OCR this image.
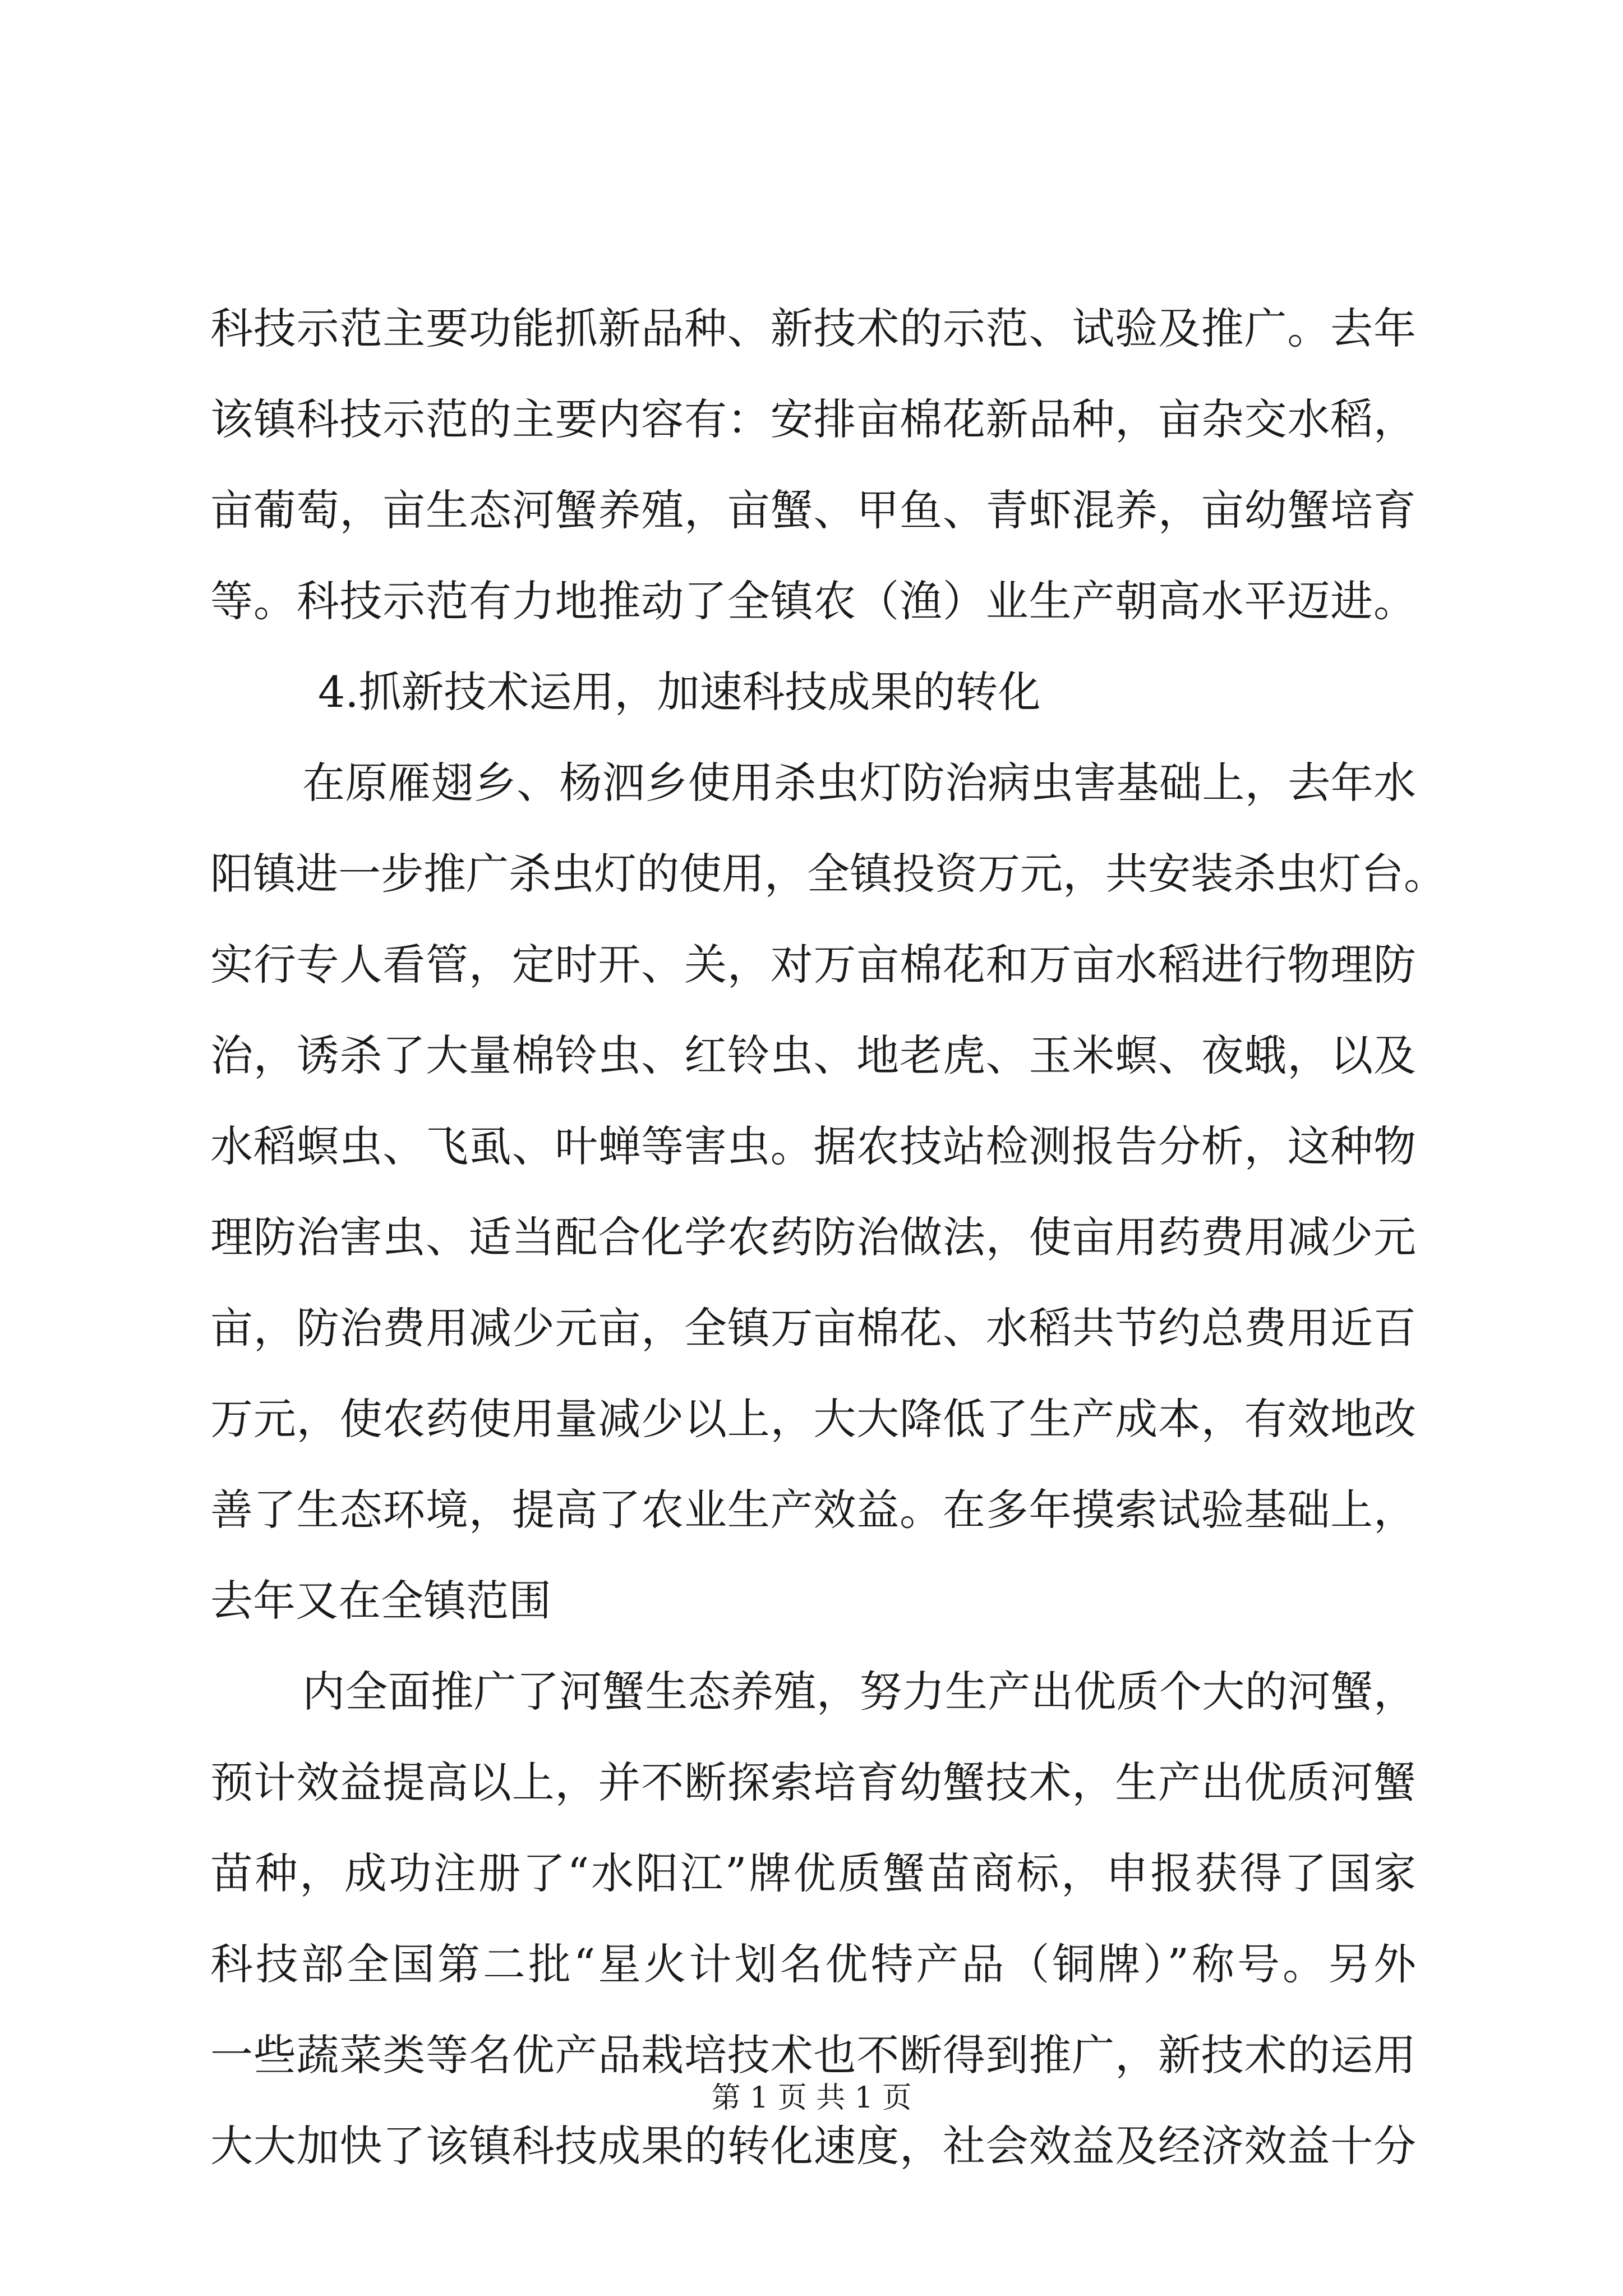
科技示范主要功能抓新品种、新技术的示范、试验及推广。去年
该镇科技示范的主要内容有：安排亩棉花新品种，亩杂交水稻，
亩葡萄，亩生态河蟹养殖，亩蟹、甲鱼、青虾混养，亩幼蟹培育
等。科技示范有力地推动了全镇农（渔）业生产朝高水平迈进。
4.抓新技术运用，加速科技成果的转化
在原雁翅乡、杨泗乡使用杀虫灯防治病虫害基础上，去年水
阳镇进一步推广杀虫灯的使用，全镇投资万元，共安装杀虫灯台。
实行专人看管，定时开、关，对万亩棉花和万亩水稻进行物理防
治，诱杀了大量棉铃虫、红铃虫、地老虎、玉米螟、夜蛾，以及
水稻螟虫、飞虱、叶蝉等害虫。据农技站检测报告分析，这种物
理防治害虫、适当配合化学农药防治做法，使亩用药费用减少元
亩，防治费用减少元亩，全镇万亩棉花、水稻共节约总费用近百
万元，使农药使用量减少以上，大大降低了生产成本，有效地改
善了生态环境，提高了农业生产效益。在多年摸索试验基础上，
去年又在全镇范围
内全面推广了河蟹生态养殖，努力生产出优质个大的河蟹，
预计效益提高以上，并不断探索培育幼蟹技术，生产出优质河蟹
苗种，成功注册了“水阳江”牌优质蟹苗商标，申报获得了国家
科技部全国第二批“星火计划名优特产品（铜牌）”称号。另外
一些蔬菜类等名优产品栽培技术也不断得到推广，新技术的运用
大大加快了该镇科技成果的转化速度，社会效益及经济效益十分
第 1 页 共 1 页
